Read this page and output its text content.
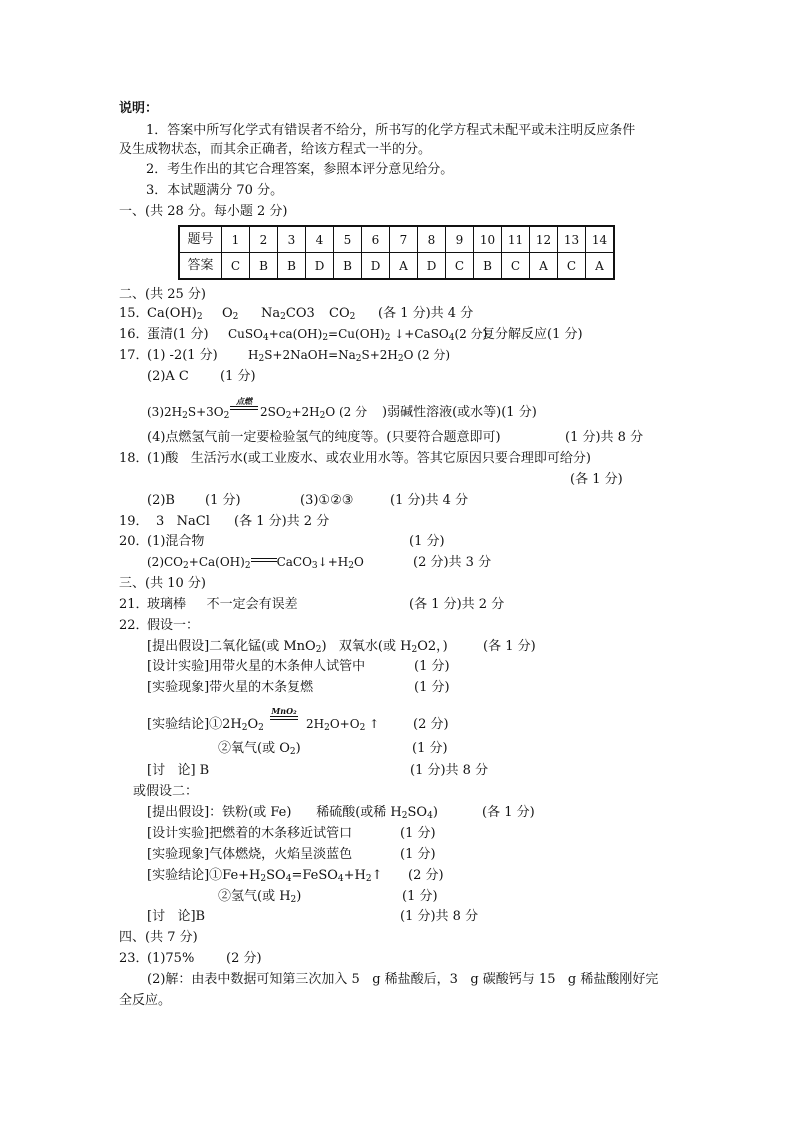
说明：
1．答案中所写化学式有错误者不给分，所书写的化学方程式未配平或未注明反应条件
及生成物状态，而其余正确者，给该方程式一半的分。
2．考生作出的其它合理答案，参照本评分意见给分。
3．本试题满分 70 分。
一、(共 28 分。每小题 2 分)
题号	1	2	3	4	5	6	7	8	9	10	11	12	13	14
答案	C	B	B	D	B	D	A	D	C	B	C	A	C	A
二、(共 25 分)
15．
Ca(OH)2 O2 Na2CO3 CO2 (各 1 分)共 4 分
16．
蛋清(1 分) CuSO4+ca(OH)2=Cu(OH)2 ↓+CaSO4(2 分)
复分解反应(1 分)
17．
(1) -2(1 分)	H2S+2NaOH=Na2S+2H2O (2 分)
(2)A C (1 分)
(3)2H2S+3O2
点燃
2SO2+2H2O (2 分 )弱碱性溶液(或水等)(1 分)
(4)点燃氢气前一定要检验氢气的纯度等。(只要符合题意即可)	(1 分)共 8 分
18．
(1)酸   生活污水(或工业废水、或农业用水等。答其它原因只要合理即可给分)
(各 1 分)
(2)B (1 分)	(3)①②③	(1 分)共 4 分
19． 3   NaCl (各 1 分)共 2 分
20．
(1)混合物	(1 分)
(2)CO2+Ca(OH)2 CaCO3↓+H2O	(2 分)共 3 分
三、(共 10 分)
21．
玻璃棒     不一定会有误差	(各 1 分)共 2 分
22．
假设一：
[提出假设]二氧化锰(或 MnO2)   双氧水(或 H2O2，)	(各 1 分)
[设计实验]用带火星的木条伸人试管中	(1 分)
[实验现象]带火星的木条复燃	(1 分)
[实验结论]①2H2O2
MnO₂
2H2O+O2 ↑	(2 分)
②氧气(或 O2)	(1 分)
[讨   论] B	(1 分)共 8 分
或假设二：
[提出假设]：铁粉(或 Fe)      稀硫酸(或稀 H2SO4)	(各 1 分)
[设计实验]把燃着的木条移近试管口	(1 分)
[实验现象]气体燃烧，火焰呈淡蓝色	(1 分)
[实验结论]①Fe+H2SO4=FeSO4+H2↑ (2 分)
②氢气(或 H2)	(1 分)
[讨   论]B	(1 分)共 8 分
四、(共 7 分)
23．
(1)75% (2 分)
(2)解：由表中数据可知第三次加入 5   g 稀盐酸后，3   g 碳酸钙与 15   g 稀盐酸刚好完
全反应。
